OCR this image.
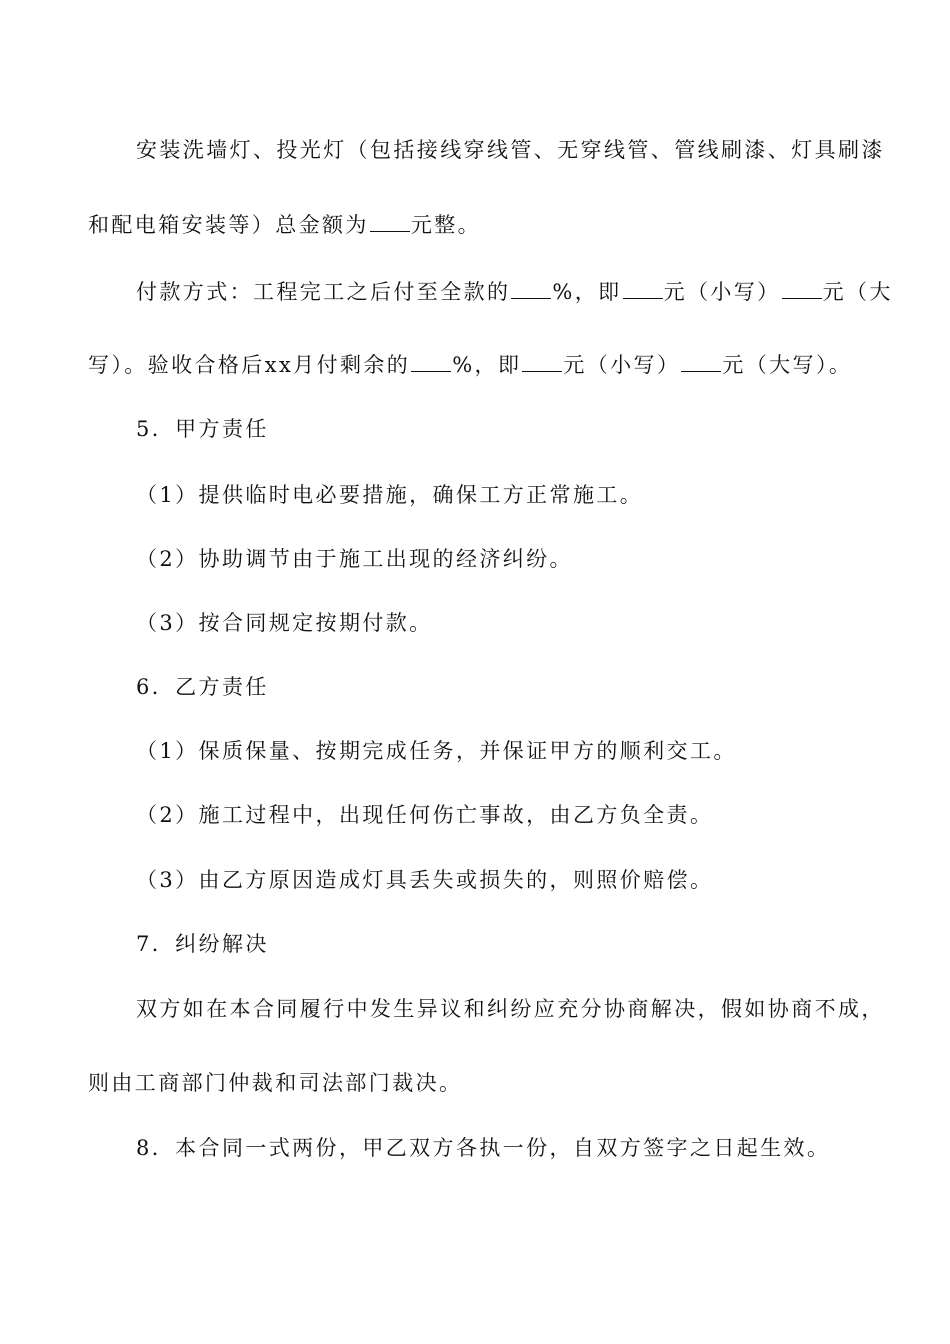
安装洗墙灯、投光灯（包括接线穿线管、无穿线管、管线刷漆、灯具刷漆
和配电箱安装等）总金额为 元整。
付款方式：工程完工之后付至全款的 %，即 元（小写） 元（大
写）。验收合格后xx月付剩余的 %，即 元（小写） 元（大写）。
5．甲方责任
（1）提供临时电必要措施，确保工方正常施工。
（2）协助调节由于施工出现的经济纠纷。
（3）按合同规定按期付款。
6．乙方责任
（1）保质保量、按期完成任务，并保证甲方的顺利交工。
（2）施工过程中，出现任何伤亡事故，由乙方负全责。
（3）由乙方原因造成灯具丢失或损失的，则照价赔偿。
7．纠纷解决
双方如在本合同履行中发生异议和纠纷应充分协商解决，假如协商不成，
则由工商部门仲裁和司法部门裁决。
8．本合同一式两份，甲乙双方各执一份，自双方签字之日起生效。
